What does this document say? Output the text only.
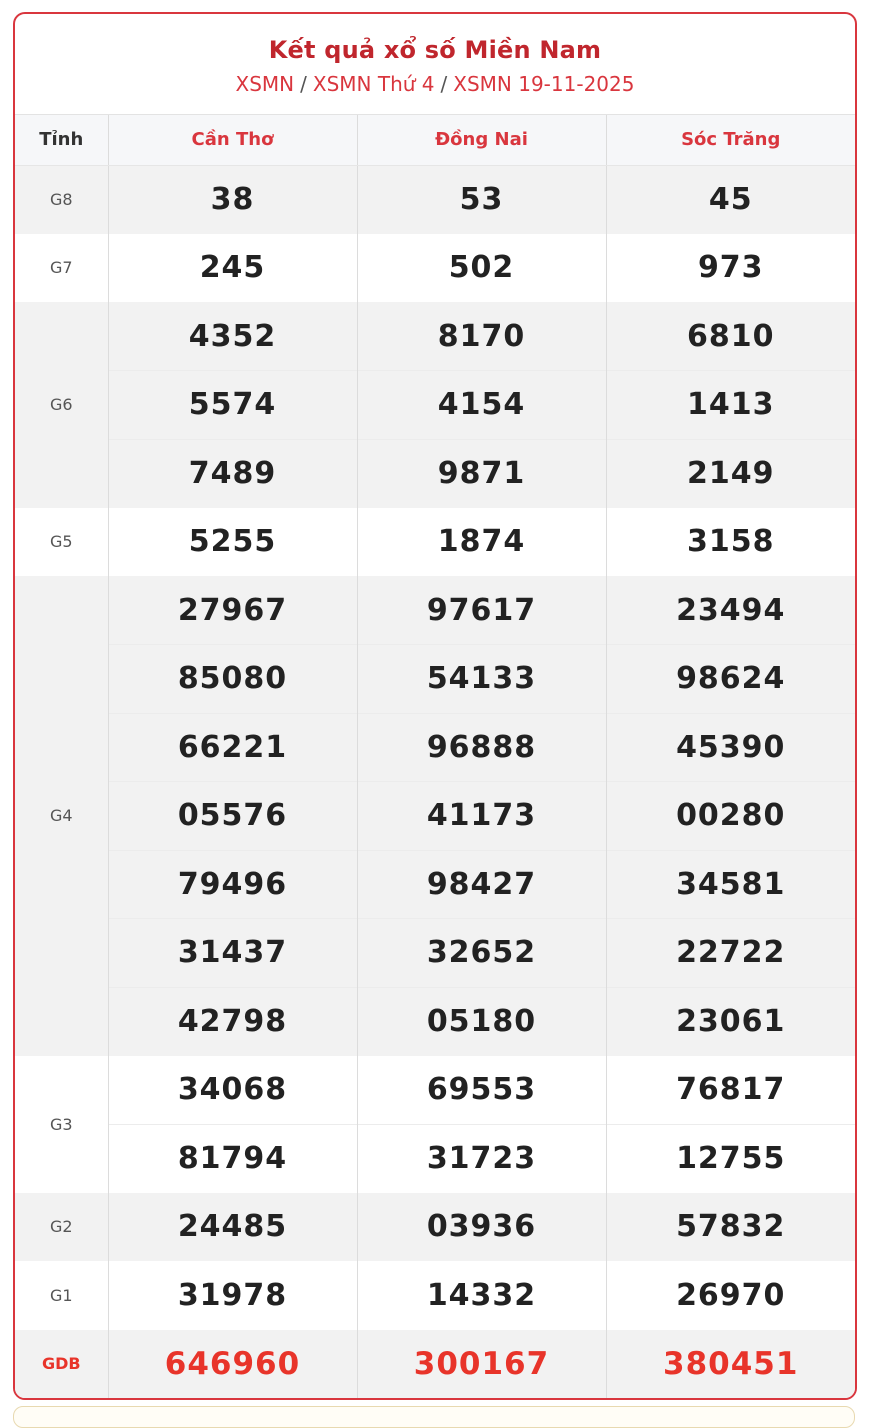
Kết quả xổ số Miền Nam
XSMN / XSMN Thứ 4 / XSMN 19-11-2025
Tỉnh	Cần Thơ	Đồng Nai	Sóc Trăng
G8	38	53	45
G7	245	502	973
G6	4352	8170	6810
	5574	4154	1413
	7489	9871	2149
G5	5255	1874	3158
G4	27967	97617	23494
	85080	54133	98624
	66221	96888	45390
	05576	41173	00280
	79496	98427	34581
	31437	32652	22722
	42798	05180	23061
G3	34068	69553	76817
	81794	31723	12755
G2	24485	03936	57832
G1	31978	14332	26970
GDB	646960	300167	380451
